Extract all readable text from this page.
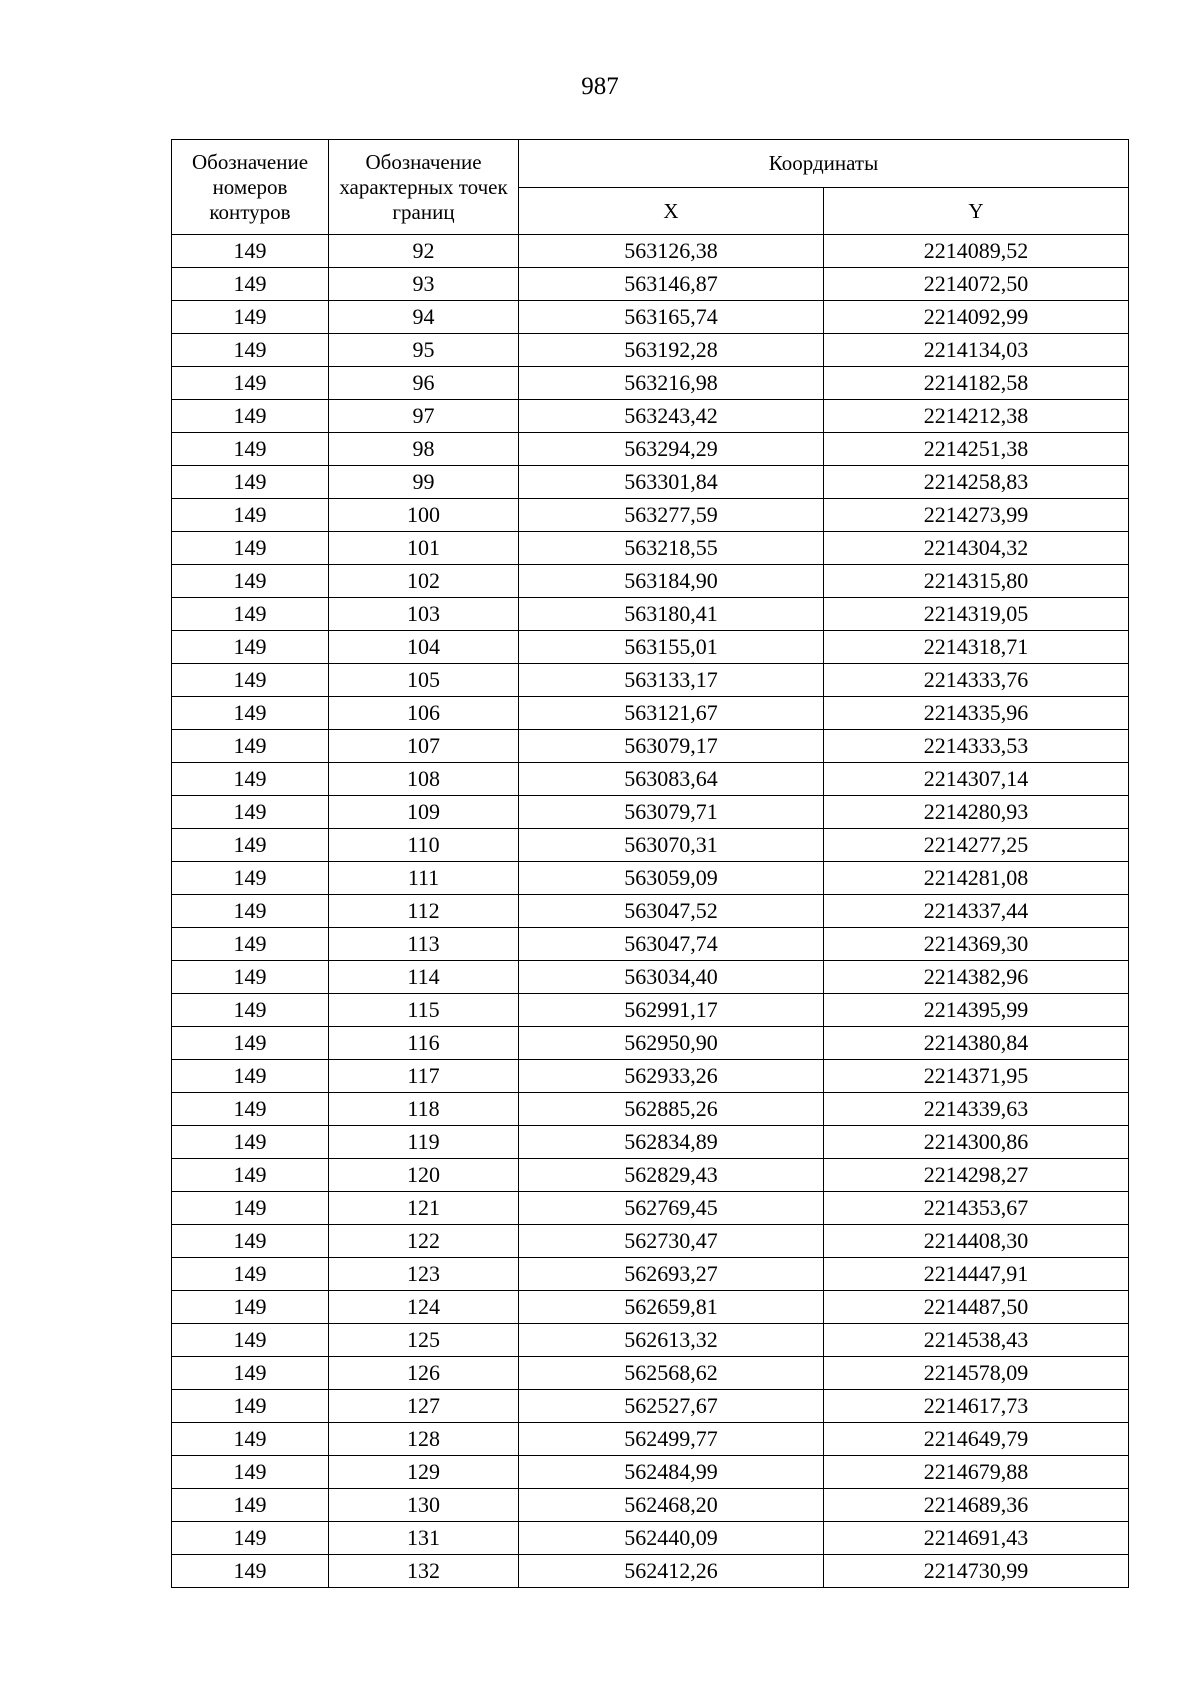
987
Обозначение номеров контуров	Обозначение характерных точек границ	Координаты	
		X	Y
149	92	563126,38	2214089,52
149	93	563146,87	2214072,50
149	94	563165,74	2214092,99
149	95	563192,28	2214134,03
149	96	563216,98	2214182,58
149	97	563243,42	2214212,38
149	98	563294,29	2214251,38
149	99	563301,84	2214258,83
149	100	563277,59	2214273,99
149	101	563218,55	2214304,32
149	102	563184,90	2214315,80
149	103	563180,41	2214319,05
149	104	563155,01	2214318,71
149	105	563133,17	2214333,76
149	106	563121,67	2214335,96
149	107	563079,17	2214333,53
149	108	563083,64	2214307,14
149	109	563079,71	2214280,93
149	110	563070,31	2214277,25
149	111	563059,09	2214281,08
149	112	563047,52	2214337,44
149	113	563047,74	2214369,30
149	114	563034,40	2214382,96
149	115	562991,17	2214395,99
149	116	562950,90	2214380,84
149	117	562933,26	2214371,95
149	118	562885,26	2214339,63
149	119	562834,89	2214300,86
149	120	562829,43	2214298,27
149	121	562769,45	2214353,67
149	122	562730,47	2214408,30
149	123	562693,27	2214447,91
149	124	562659,81	2214487,50
149	125	562613,32	2214538,43
149	126	562568,62	2214578,09
149	127	562527,67	2214617,73
149	128	562499,77	2214649,79
149	129	562484,99	2214679,88
149	130	562468,20	2214689,36
149	131	562440,09	2214691,43
149	132	562412,26	2214730,99
